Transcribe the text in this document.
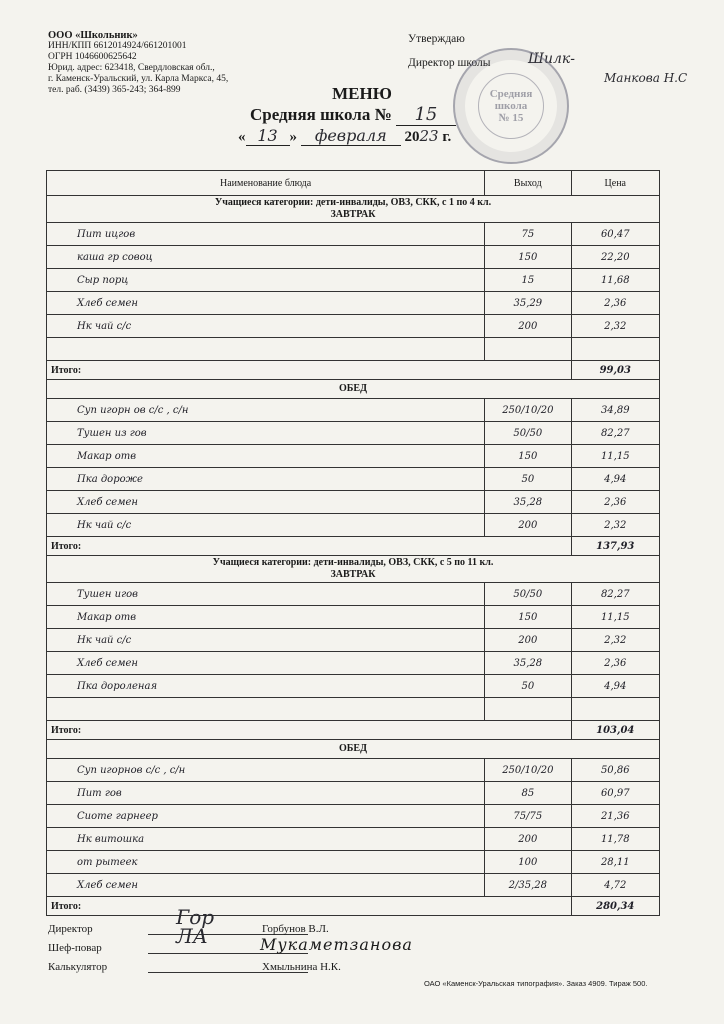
ООО «Школьник»
ИНН/КПП 6612014924/661201001
ОГРН 1046600625642
Юрид. адрес: 623418, Свердловская обл.,
г. Каменск-Уральский, ул. Карла Маркса, 45,
тел. раб. (3439) 365-243; 364-899
Утверждаю
Директор школы	Шилк-
Манкова Н.С
Средняя
школа
№ 15
МЕНЮ
Средняя школа № 15
« 13 » февраля 2023 г.
Наименование блюда	Выход	Цена
Учащиеся категории: дети-инвалиды, ОВЗ, СКК, с 1 по 4 кл.
ЗАВТРАК		
Пит ицгов	75	60,47
каша гр совоц	150	22,20
Сыр порц	15	11,68
Хлеб семен	35,29	2,36
Нк чай с/с	200	2,32

Итого:		99,03
ОБЕД		
Суп игорн ов с/с , с/н	250/10/20	34,89
Тушен из гов	50/50	82,27
Макар отв	150	11,15
Пка дороже	50	4,94
Хлеб семен	35,28	2,36
Нк чай с/с	200	2,32
Итого:		137,93
Учащиеся категории: дети-инвалиды, ОВЗ, СКК, с 5 по 11 кл.
ЗАВТРАК		
Тушен игов	50/50	82,27
Макар отв	150	11,15
Нк чай с/с	200	2,32
Хлеб семен	35,28	2,36
Пка дороленая	50	4,94

Итого:		103,04
ОБЕД		
Суп игорнов с/с , с/н	250/10/20	50,86
Пит гов	85	60,97
Сиоте гарнеер	75/75	21,36
Нк витошка	200	11,78
от рытеек	100	28,11
Хлеб семен	2/35,28	4,72
Итого:		280,34
Директор	Гор	Горбунов В.Л.
Шеф-повар	ЛА	Мукаметзанова
Калькулятор	Хмыльнина Н.К.
ОАО «Каменск-Уральская типография». Заказ 4909. Тираж 500.
